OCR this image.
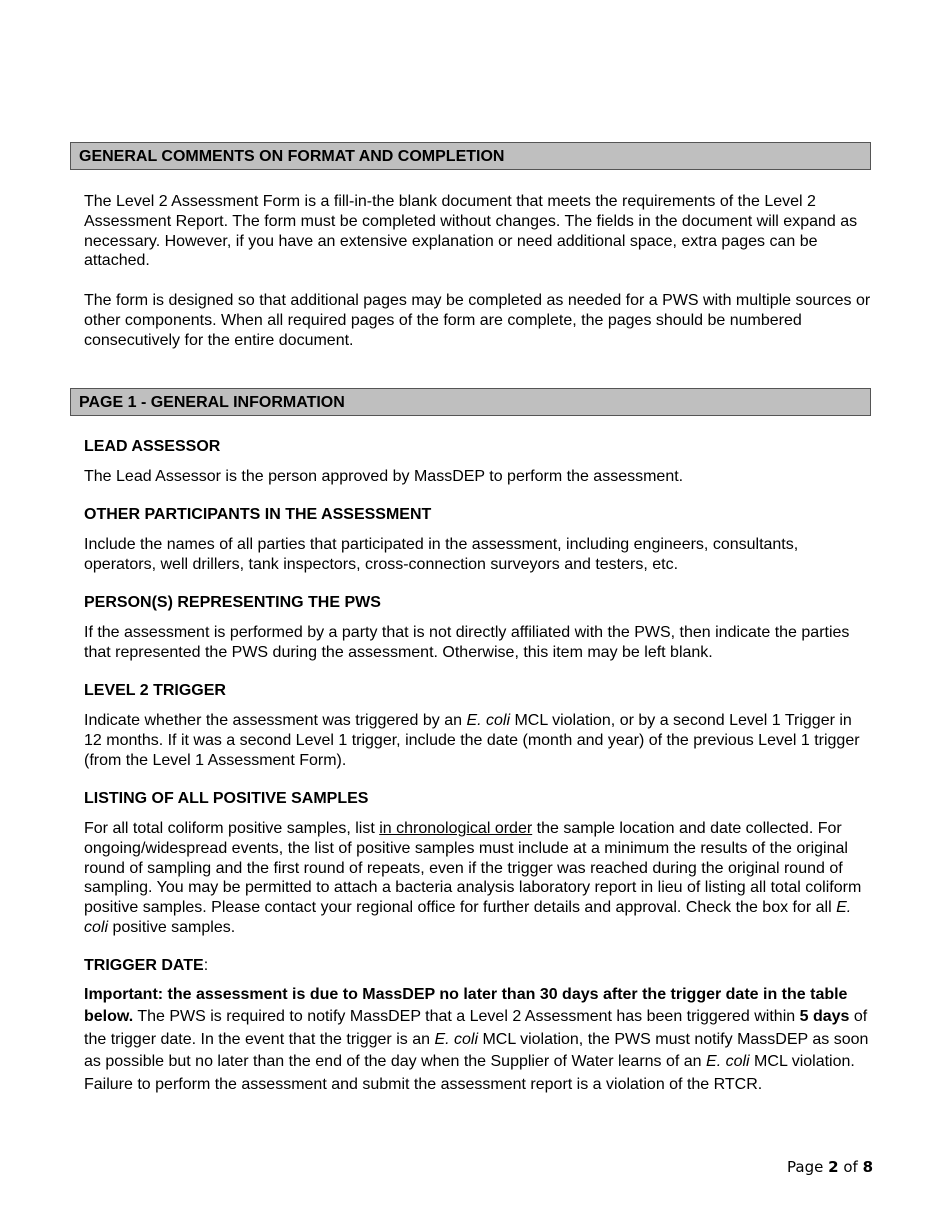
GENERAL COMMENTS ON FORMAT AND COMPLETION

The Level 2 Assessment Form is a fill-in-the blank document that meets the requirements of the Level 2 Assessment Report. The form must be completed without changes. The fields in the document will expand as necessary. However, if you have an extensive explanation or need additional space, extra pages can be attached.

The form is designed so that additional pages may be completed as needed for a PWS with multiple sources or other components. When all required pages of the form are complete, the pages should be numbered consecutively for the entire document.

PAGE 1 - GENERAL INFORMATION

LEAD ASSESSOR

The Lead Assessor is the person approved by MassDEP to perform the assessment.

OTHER PARTICIPANTS IN THE ASSESSMENT

Include the names of all parties that participated in the assessment, including engineers, consultants, operators, well drillers, tank inspectors, cross-connection surveyors and testers, etc.

PERSON(S) REPRESENTING THE PWS

If the assessment is performed by a party that is not directly affiliated with the PWS, then indicate the parties that represented the PWS during the assessment. Otherwise, this item may be left blank.

LEVEL 2 TRIGGER

Indicate whether the assessment was triggered by an E. coli MCL violation, or by a second Level 1 Trigger in 12 months. If it was a second Level 1 trigger, include the date (month and year) of the previous Level 1 trigger (from the Level 1 Assessment Form).

LISTING OF ALL POSITIVE SAMPLES

For all total coliform positive samples, list in chronological order the sample location and date collected. For ongoing/widespread events, the list of positive samples must include at a minimum the results of the original round of sampling and the first round of repeats, even if the trigger was reached during the original round of sampling. You may be permitted to attach a bacteria analysis laboratory report in lieu of listing all total coliform positive samples. Please contact your regional office for further details and approval. Check the box for all E. coli positive samples.

TRIGGER DATE:

Important: the assessment is due to MassDEP no later than 30 days after the trigger date in the table below. The PWS is required to notify MassDEP that a Level 2 Assessment has been triggered within 5 days of the trigger date. In the event that the trigger is an E. coli MCL violation, the PWS must notify MassDEP as soon as possible but no later than the end of the day when the Supplier of Water learns of an E. coli MCL violation. Failure to perform the assessment and submit the assessment report is a violation of the RTCR.

Page 2 of 8
